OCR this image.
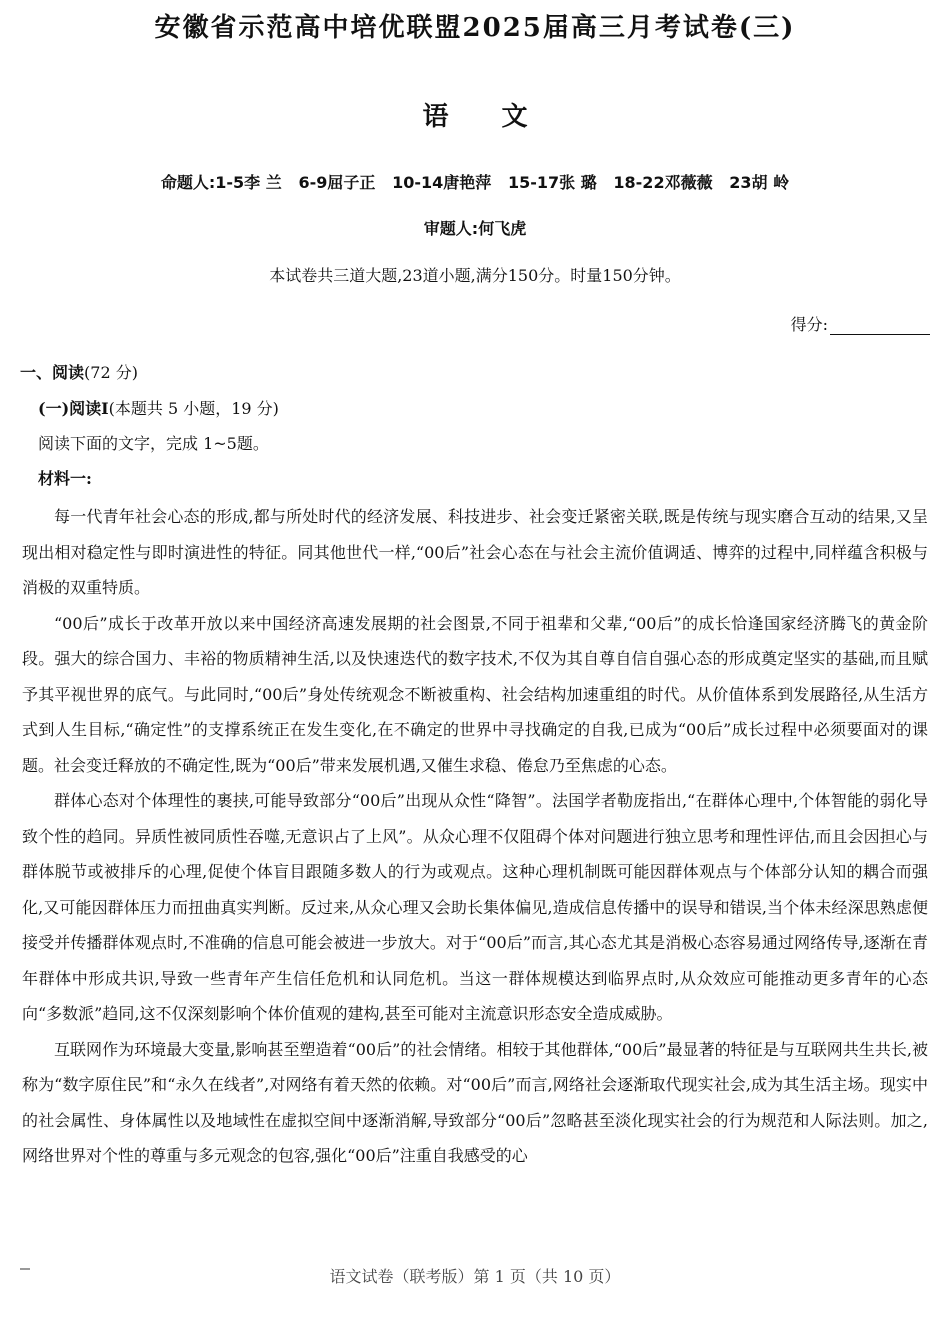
安徽省示范高中培优联盟2025届高三月考试卷(三)
语 文
命题人:1-5李 兰   6-9屈子正   10-14唐艳萍   15-17张 璐   18-22邓薇薇   23胡 岭
审题人:何飞虎
本试卷共三道大题,23道小题,满分150分。时量150分钟。
得分:
一、阅读(72 分)
(一)阅读Ⅰ(本题共 5 小题，19 分)
阅读下面的文字，完成 1~5题。
材料一:

每一代青年社会心态的形成,都与所处时代的经济发展、科技进步、社会变迁紧密关联,既是传统与现实磨合互动的结果,又呈现出相对稳定性与即时演进性的特征。同其他世代一样,“00后”社会心态在与社会主流价值调适、博弈的过程中,同样蕴含积极与消极的双重特质。

“00后”成长于改革开放以来中国经济高速发展期的社会图景,不同于祖辈和父辈,“00后”的成长恰逢国家经济腾飞的黄金阶段。强大的综合国力、丰裕的物质精神生活,以及快速迭代的数字技术,不仅为其自尊自信自强心态的形成奠定坚实的基础,而且赋予其平视世界的底气。与此同时,“00后”身处传统观念不断被重构、社会结构加速重组的时代。从价值体系到发展路径,从生活方式到人生目标,“确定性”的支撑系统正在发生变化,在不确定的世界中寻找确定的自我,已成为“00后”成长过程中必须要面对的课题。社会变迁释放的不确定性,既为“00后”带来发展机遇,又催生求稳、倦怠乃至焦虑的心态。

群体心态对个体理性的裹挟,可能导致部分“00后”出现从众性“降智”。法国学者勒庞指出,“在群体心理中,个体智能的弱化导致个性的趋同。异质性被同质性吞噬,无意识占了上风”。从众心理不仅阻碍个体对问题进行独立思考和理性评估,而且会因担心与群体脱节或被排斥的心理,促使个体盲目跟随多数人的行为或观点。这种心理机制既可能因群体观点与个体部分认知的耦合而强化,又可能因群体压力而扭曲真实判断。反过来,从众心理又会助长集体偏见,造成信息传播中的误导和错误,当个体未经深思熟虑便接受并传播群体观点时,不准确的信息可能会被进一步放大。对于“00后”而言,其心态尤其是消极心态容易通过网络传导,逐渐在青年群体中形成共识,导致一些青年产生信任危机和认同危机。当这一群体规模达到临界点时,从众效应可能推动更多青年的心态向“多数派”趋同,这不仅深刻影响个体价值观的建构,甚至可能对主流意识形态安全造成威胁。

互联网作为环境最大变量,影响甚至塑造着“00后”的社会情绪。相较于其他群体,“00后”最显著的特征是与互联网共生共长,被称为“数字原住民”和“永久在线者”,对网络有着天然的依赖。对“00后”而言,网络社会逐渐取代现实社会,成为其生活主场。现实中的社会属性、身体属性以及地域性在虚拟空间中逐渐消解,导致部分“00后”忽略甚至淡化现实社会的行为规范和人际法则。加之,网络世界对个性的尊重与多元观念的包容,强化“00后”注重自我感受的心

语文试卷（联考版）第 1 页（共 10 页）
